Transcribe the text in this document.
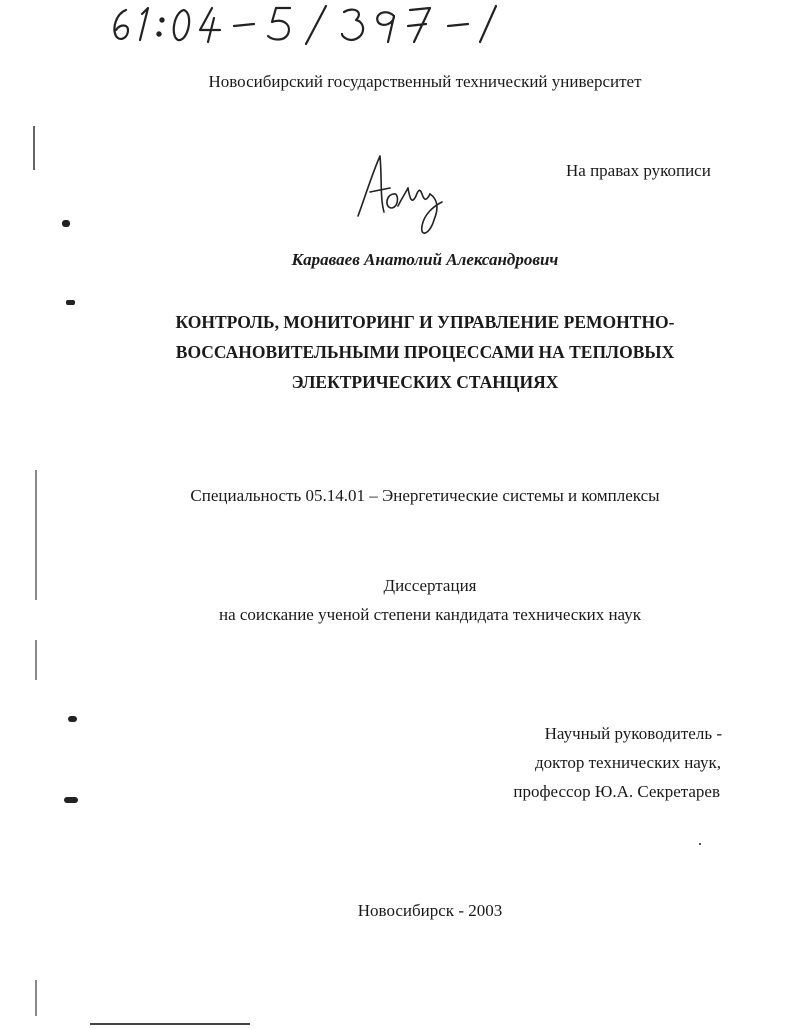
Новосибирский государственный технический университет
На правах рукописи
Караваев Анатолий Александрович
КОНТРОЛЬ, МОНИТОРИНГ И УПРАВЛЕНИЕ РЕМОНТНО-
ВОССАНОВИТЕЛЬНЫМИ ПРОЦЕССАМИ НА ТЕПЛОВЫХ
ЭЛЕКТРИЧЕСКИХ СТАНЦИЯХ
Специальность 05.14.01 – Энергетические системы и комплексы
Диссертация
на соискание ученой степени кандидата технических наук
Научный руководитель -
доктор технических наук,
профессор Ю.А. Секретарев
Новосибирск - 2003
